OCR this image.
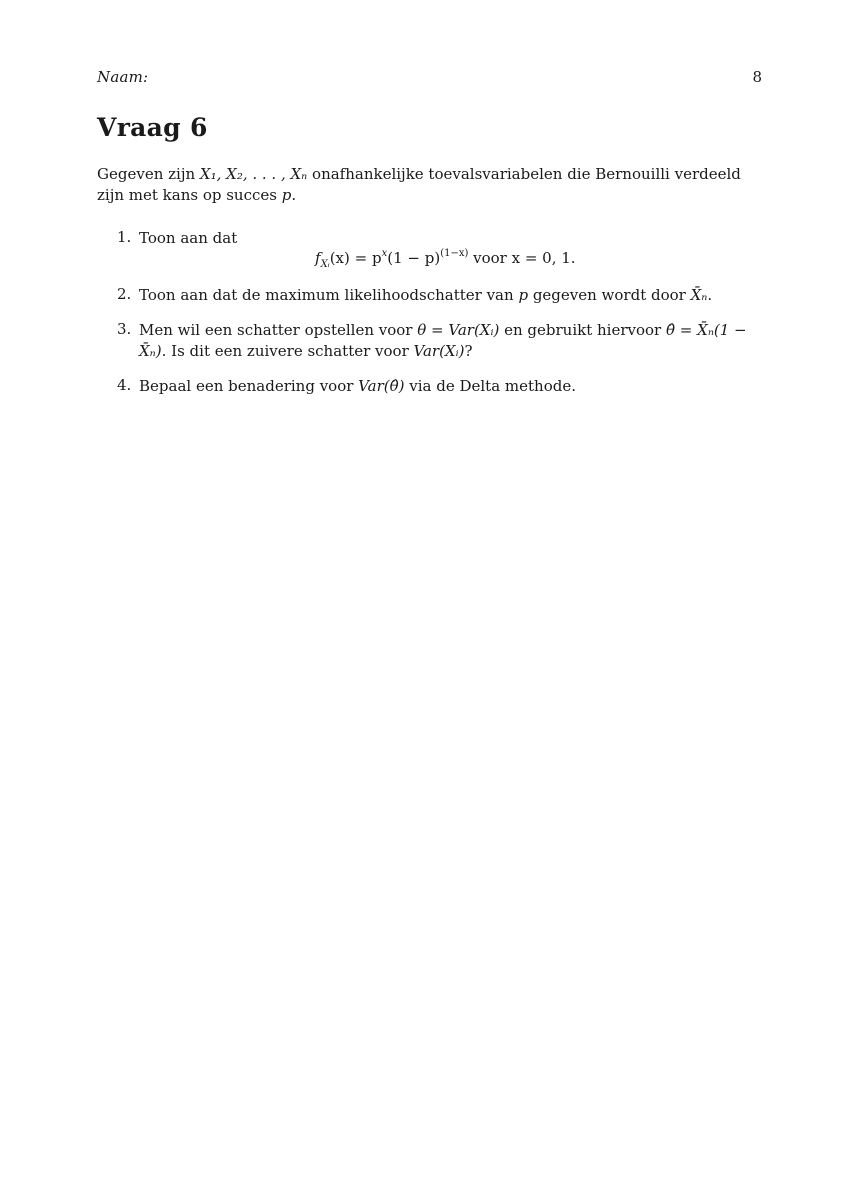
Naam:	8
Vraag 6

Gegeven zijn X₁, X₂, . . . , Xₙ onafhankelijke toevalsvariabelen die Bernouilli verdeeld zijn met kans op succes p.

1. Toon aan dat
$f_{Xᵢ}(x) = p^x(1 - p)^{(1-x)}$ voor x = 0, 1.
2. Toon aan dat de maximum likelihoodschatter van p gegeven wordt door X̄ₙ.
3. Men wil een schatter opstellen voor θ = Var(Xᵢ) en gebruikt hiervoor θ̂ = X̄ₙ(1 − X̄ₙ). Is dit een zuivere schatter voor Var(Xᵢ)?
4. Bepaal een benadering voor Var(θ̂) via de Delta methode.
